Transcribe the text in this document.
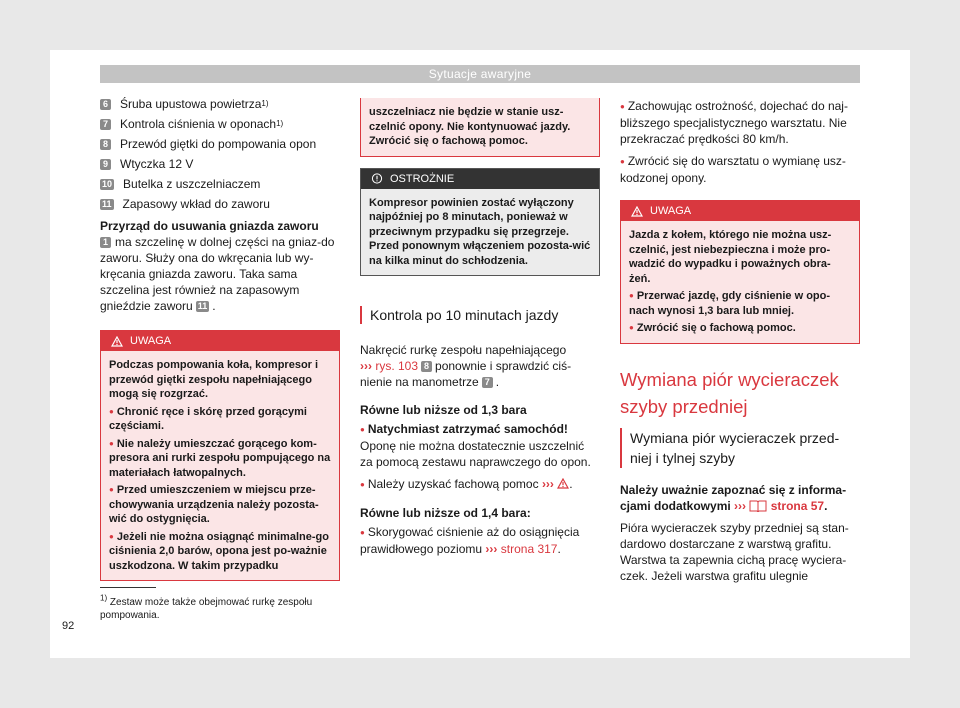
Sytuacje awaryjne
6 Śruba upustowa powietrza 1)
7 Kontrola ciśnienia w oponach 1)
8 Przewód giętki do pompowania opon
9 Wtyczka 12 V
10 Butelka z uszczelniaczem
11 Zapasowy wkład do zaworu

Przyrząd do usuwania gniazda zaworu
1 ma szczelinę w dolnej części na gniaz-do zaworu. Służy ona do wkręcania lub wy-kręcania gniazda zaworu. Taka sama szczelina jest również na zapasowym gnieździe zaworu 11 .

UWAGA

Podczas pompowania koła, kompresor i przewód giętki zespołu napełniającego mogą się rozgrzać.

● Chronić ręce i skórę przed gorącymi częściami.

● Nie należy umieszczać gorącego kom-presora ani rurki zespołu pompującego na materiałach łatwopalnych.

● Przed umieszczeniem w miejscu prze-chowywania urządzenia należy pozosta-wić do ostygnięcia.

● Jeżeli nie można osiągnąć minimalne-go ciśnienia 2,0 barów, opona jest po-ważnie uszkodzona. W takim przypadku

uszczelniacz nie będzie w stanie usz-czelnić opony. Nie kontynuować jazdy. Zwrócić się o fachową pomoc.

OSTROŻNIE

Kompresor powinien zostać wyłączony najpóźniej po 8 minutach, ponieważ w przeciwnym przypadku się przegrzeje. Przed ponownym włączeniem pozosta-wić na kilka minut do schłodzenia.

Kontrola po 10 minutach jazdy

Nakręcić rurkę zespołu napełniającego
››› rys. 103 8 ponownie i sprawdzić ciś-nienie na manometrze 7 .

Równe lub niższe od 1,3 bara

● Natychmiast zatrzymać samochód!

Oponę nie można dostatecznie uszczelnić za pomocą zestawu naprawczego do opon.

● Należy uzyskać fachową pomoc ››› .

Równe lub niższe od 1,4 bara:

● Skorygować ciśnienie aż do osiągnięcia prawidłowego poziomu ››› strona 317.

● Zachowując ostrożność, dojechać do naj-bliższego specjalistycznego warsztatu. Nie przekraczać prędkości 80 km/h.

● Zwrócić się do warsztatu o wymianę usz-kodzonej opony.

UWAGA

Jazda z kołem, którego nie można usz-czelnić, jest niebezpieczna i może pro-wadzić do wypadku i poważnych obra-żeń.

● Przerwać jazdę, gdy ciśnienie w opo-nach wynosi 1,3 bara lub mniej.

● Zwrócić się o fachową pomoc.

Wymiana piór wycieraczek szyby przedniej
Wymiana piór wycieraczek przed-niej i tylnej szyby

Należy uważnie zapoznać się z informa-cjami dodatkowymi ››› strona 57.

Pióra wycieraczek szyby przedniej są stan-dardowo dostarczane z warstwą grafitu. Warstwa ta zapewnia cichą pracę wyciera-czek. Jeżeli warstwa grafitu ulegnie

$^{1)}$ Zestaw może także obejmować rurkę zespołu pompowania.
92
